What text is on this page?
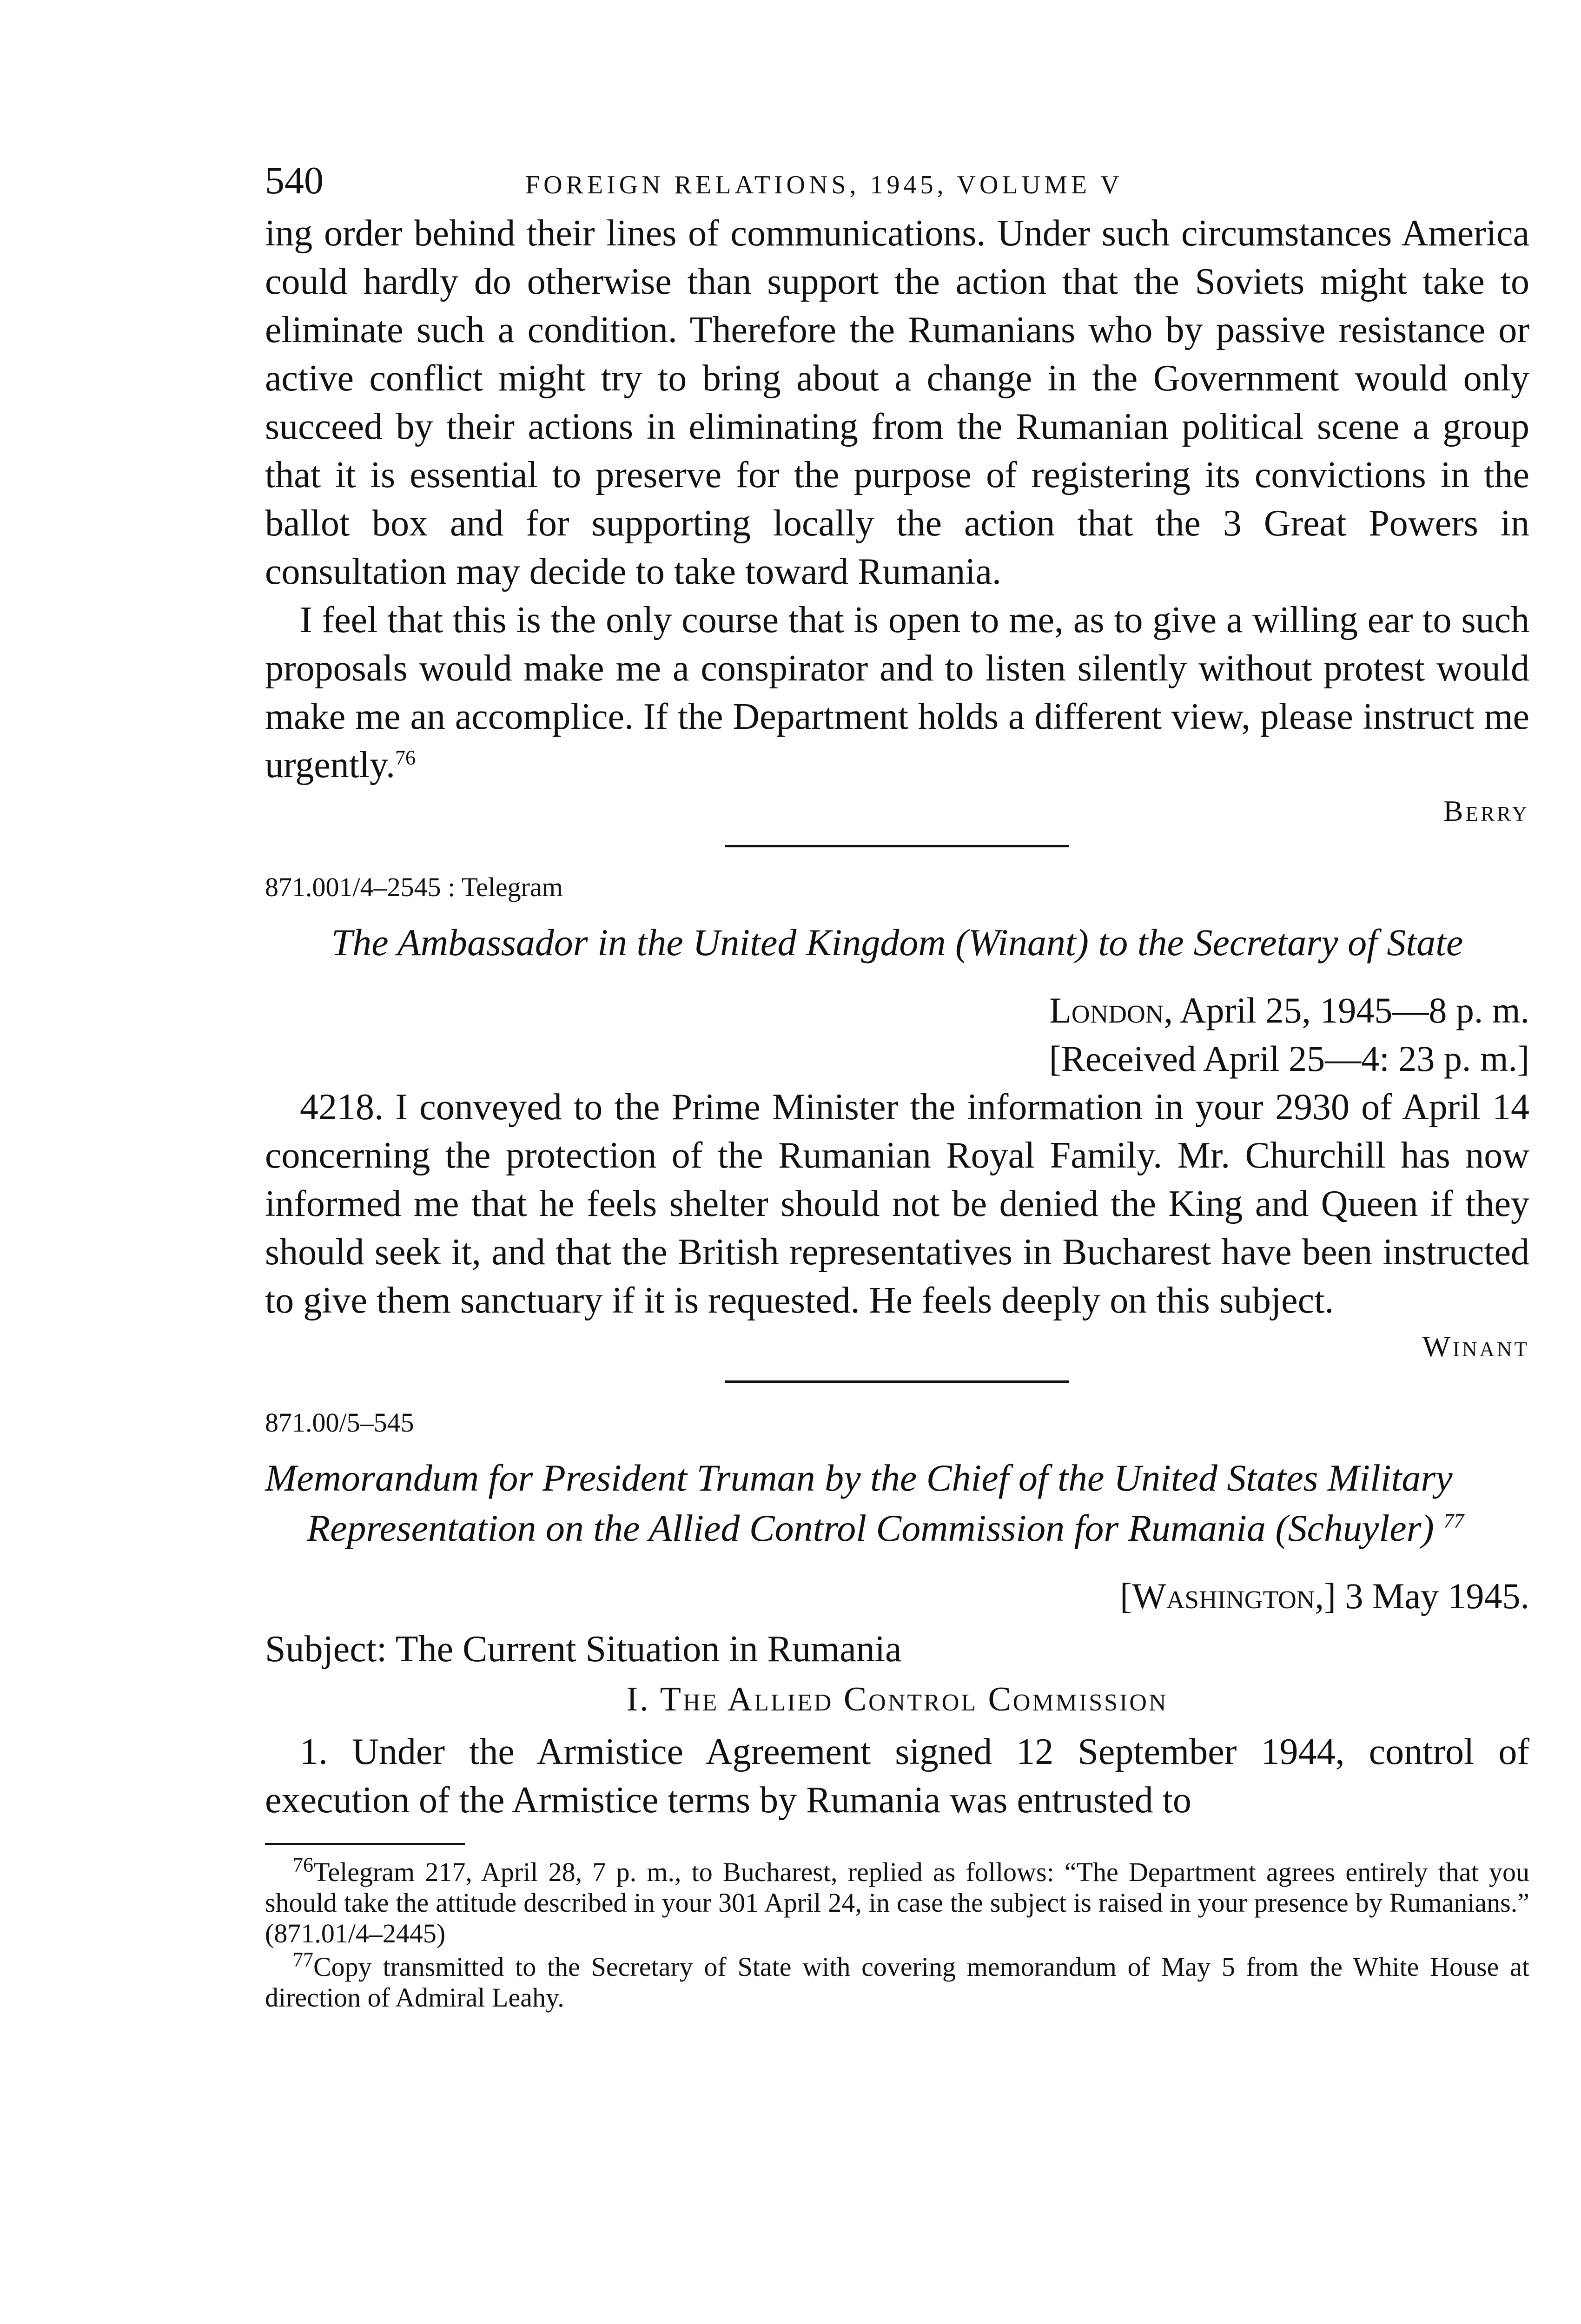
540	FOREIGN RELATIONS, 1945, VOLUME V

ing order behind their lines of communications. Under such circumstances America could hardly do otherwise than support the action that the Soviets might take to eliminate such a condition. Therefore the Rumanians who by passive resistance or active conflict might try to bring about a change in the Government would only succeed by their actions in eliminating from the Rumanian political scene a group that it is essential to preserve for the purpose of registering its convictions in the ballot box and for supporting locally the action that the 3 Great Powers in consultation may decide to take toward Rumania.

I feel that this is the only course that is open to me, as to give a willing ear to such proposals would make me a conspirator and to listen silently without protest would make me an accomplice. If the Department holds a different view, please instruct me urgently.$^{76}$

Berry
871.001/4–2545 : Telegram

The Ambassador in the United Kingdom (Winant) to the Secretary of State

London, April 25, 1945—8 p. m.
[Received April 25—4: 23 p. m.]

4218. I conveyed to the Prime Minister the information in your 2930 of April 14 concerning the protection of the Rumanian Royal Family. Mr. Churchill has now informed me that he feels shelter should not be denied the King and Queen if they should seek it, and that the British representatives in Bucharest have been instructed to give them sanctuary if it is requested. He feels deeply on this subject.

Winant
871.00/5–545

Memorandum for President Truman by the Chief of the United States Military Representation on the Allied Control Commission for Rumania (Schuyler) $^{77}$

[Washington,] 3 May 1945.
Subject: The Current Situation in Rumania
I. The Allied Control Commission

1. Under the Armistice Agreement signed 12 September 1944, control of execution of the Armistice terms by Rumania was entrusted to

$^{76}$Telegram 217, April 28, 7 p. m., to Bucharest, replied as follows: “The Department agrees entirely that you should take the attitude described in your 301 April 24, in case the subject is raised in your presence by Rumanians.” (871.01/4–2445)

$^{77}$Copy transmitted to the Secretary of State with covering memorandum of May 5 from the White House at direction of Admiral Leahy.
